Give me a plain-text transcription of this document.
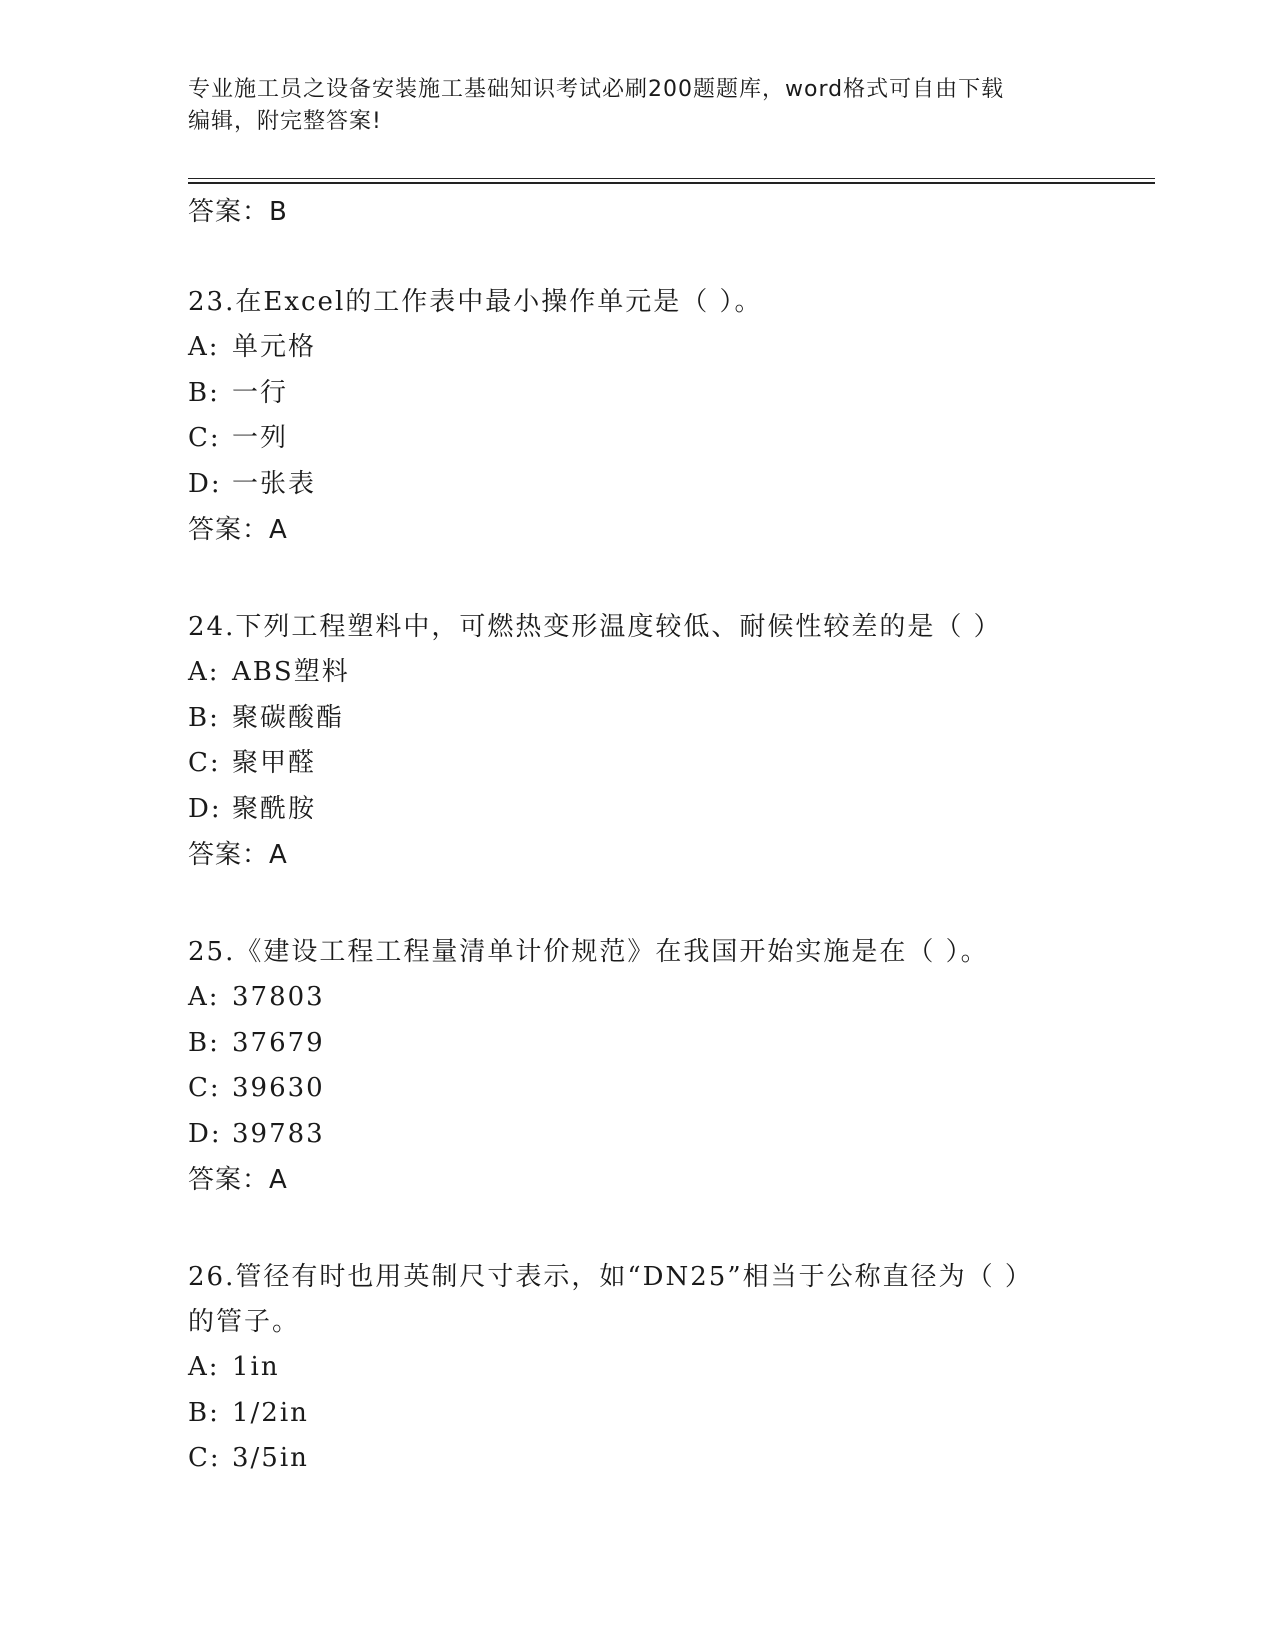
专业施工员之设备安装施工基础知识考试必刷200题题库，word格式可自由下载
编辑，附完整答案!

答案：B

23.在Excel的工作表中最小操作单元是（ ）。

A: 单元格

B: 一行

C: 一列

D: 一张表

答案：A

24.下列工程塑料中，可燃热变形温度较低、耐候性较差的是（ ）

A: ABS塑料

B: 聚碳酸酯

C: 聚甲醛

D: 聚酰胺

答案：A

25.《建设工程工程量清单计价规范》在我国开始实施是在（ ）。

A: 37803

B: 37679

C: 39630

D: 39783

答案：A

26.管径有时也用英制尺寸表示，如“DN25”相当于公称直径为（ ）

的管子。

A: 1in

B: 1/2in

C: 3/5in
